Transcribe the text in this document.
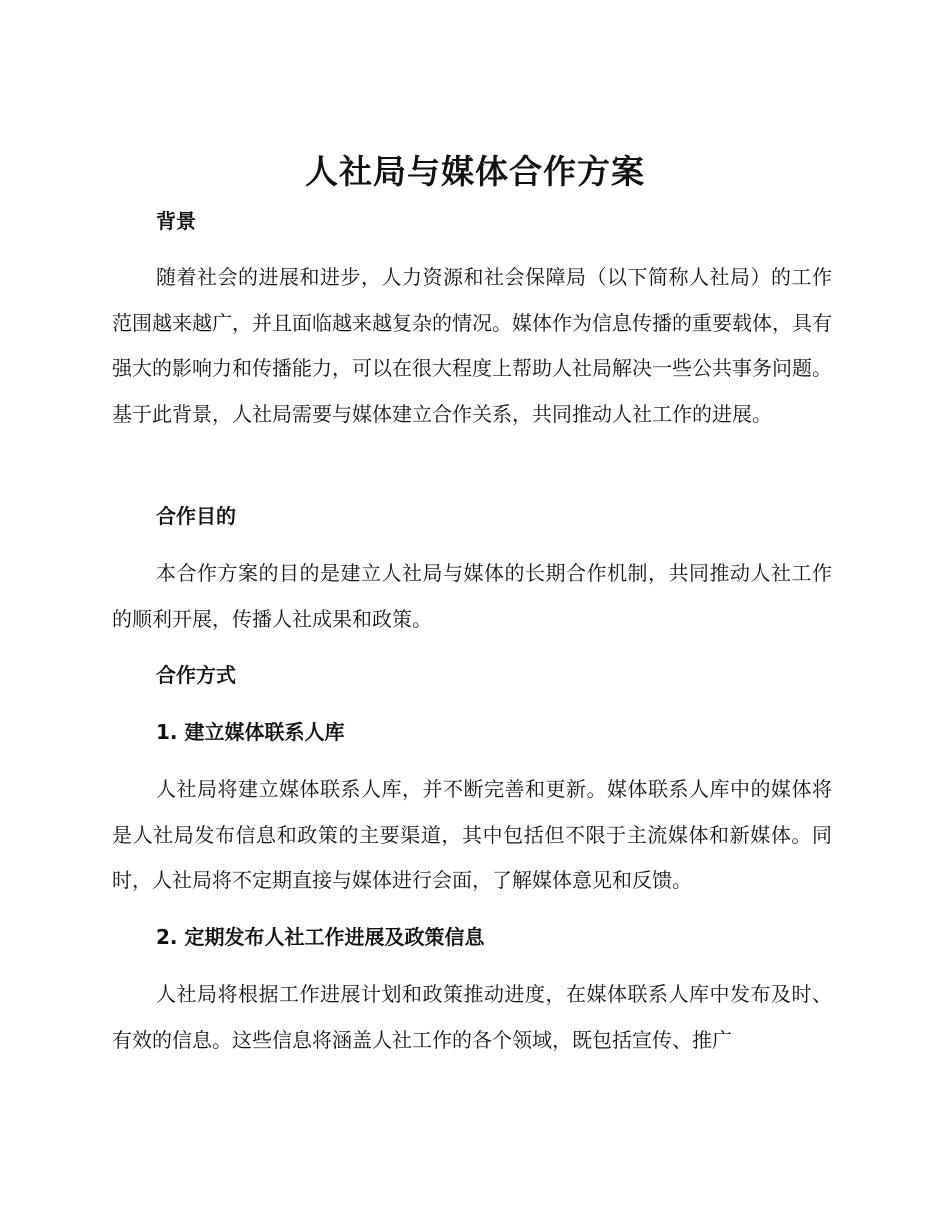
人社局与媒体合作方案
背景

随着社会的进展和进步，人力资源和社会保障局（以下简称人社局）的工作范围越来越广，并且面临越来越复杂的情况。媒体作为信息传播的重要载体，具有强大的影响力和传播能力，可以在很大程度上帮助人社局解决一些公共事务问题。基于此背景，人社局需要与媒体建立合作关系，共同推动人社工作的进展。

合作目的

本合作方案的目的是建立人社局与媒体的长期合作机制，共同推动人社工作的顺利开展，传播人社成果和政策。

合作方式
1. 建立媒体联系人库

人社局将建立媒体联系人库，并不断完善和更新。媒体联系人库中的媒体将是人社局发布信息和政策的主要渠道，其中包括但不限于主流媒体和新媒体。同时，人社局将不定期直接与媒体进行会面，了解媒体意见和反馈。

2. 定期发布人社工作进展及政策信息

人社局将根据工作进展计划和政策推动进度，在媒体联系人库中发布及时、有效的信息。这些信息将涵盖人社工作的各个领域，既包括宣传、推广
